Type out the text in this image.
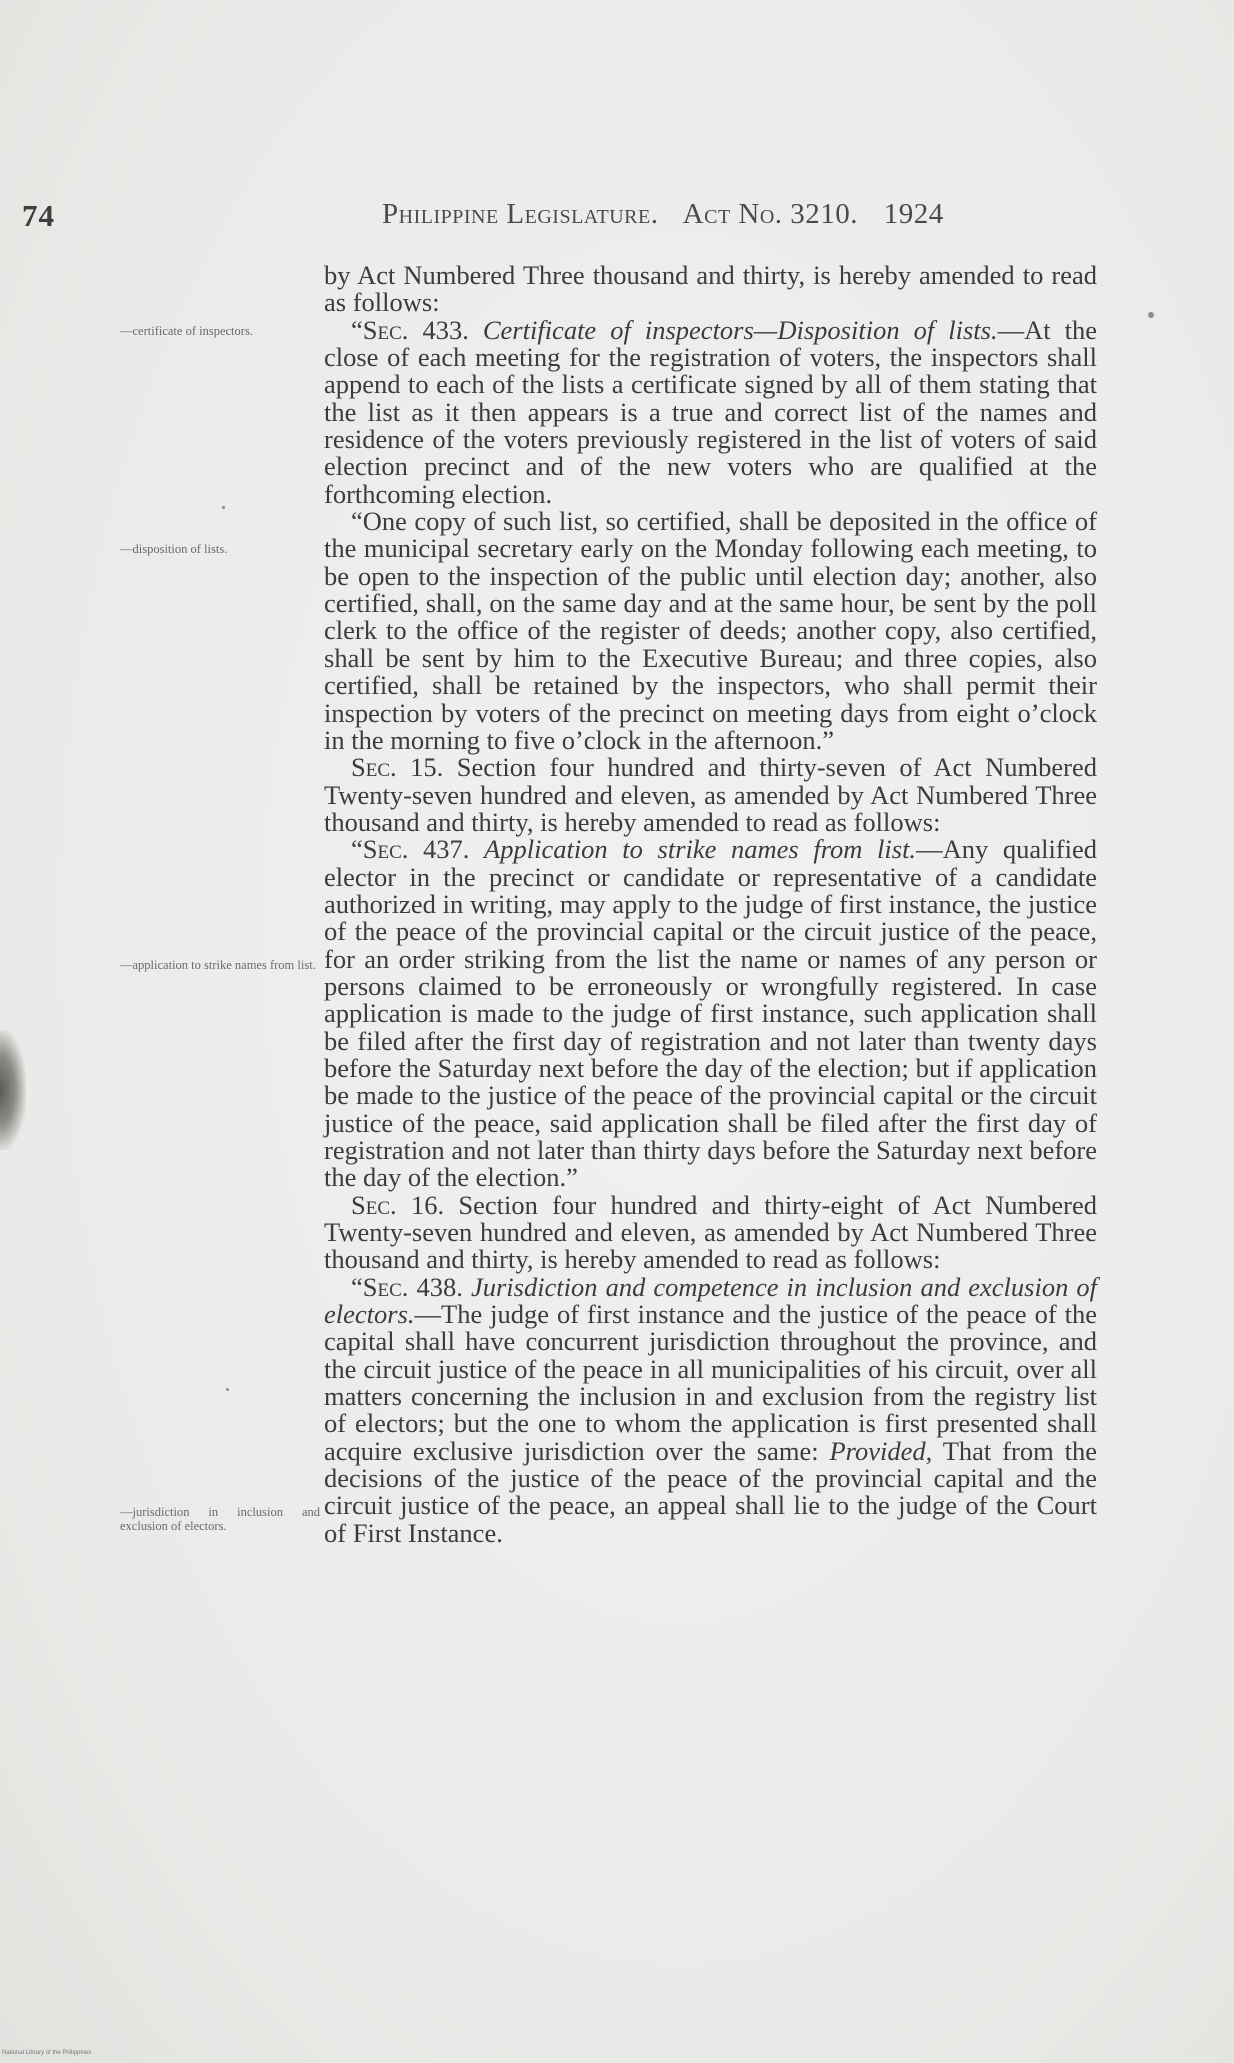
74	Philippine Legislature. Act No. 3210. 1924
—certificate of inspectors.
—disposition of lists.
—application to strike names from list.
—jurisdiction in inclusion and exclusion of electors.

by Act Numbered Three thousand and thirty, is hereby amended to read as follows:

“Sec. 433. Certificate of inspectors—Disposition of lists.—At the close of each meeting for the registration of voters, the inspectors shall append to each of the lists a certificate signed by all of them stating that the list as it then appears is a true and correct list of the names and residence of the voters previously registered in the list of voters of said election precinct and of the new voters who are qualified at the forthcoming election.

“One copy of such list, so certified, shall be deposited in the office of the municipal secretary early on the Monday following each meeting, to be open to the inspection of the public until election day; another, also certified, shall, on the same day and at the same hour, be sent by the poll clerk to the office of the register of deeds; another copy, also certified, shall be sent by him to the Executive Bureau; and three copies, also certified, shall be retained by the inspectors, who shall permit their inspection by voters of the precinct on meeting days from eight o’clock in the morning to five o’clock in the afternoon.”

Sec. 15. Section four hundred and thirty-seven of Act Numbered Twenty-seven hundred and eleven, as amended by Act Numbered Three thousand and thirty, is hereby amended to read as follows:

“Sec. 437. Application to strike names from list.—Any qualified elector in the precinct or candidate or representative of a candidate authorized in writing, may apply to the judge of first instance, the justice of the peace of the provincial capital or the circuit justice of the peace, for an order striking from the list the name or names of any person or persons claimed to be erroneously or wrongfully registered. In case application is made to the judge of first instance, such application shall be filed after the first day of registration and not later than twenty days before the Saturday next before the day of the election; but if application be made to the justice of the peace of the provincial capital or the circuit justice of the peace, said application shall be filed after the first day of registration and not later than thirty days before the Saturday next before the day of the election.”

Sec. 16. Section four hundred and thirty-eight of Act Numbered Twenty-seven hundred and eleven, as amended by Act Numbered Three thousand and thirty, is hereby amended to read as follows:

“Sec. 438. Jurisdiction and competence in inclusion and exclusion of electors.—The judge of first instance and the justice of the peace of the capital shall have concurrent jurisdiction throughout the province, and the circuit justice of the peace in all municipalities of his circuit, over all matters concerning the inclusion in and exclusion from the registry list of electors; but the one to whom the application is first presented shall acquire exclusive jurisdiction over the same: Provided, That from the decisions of the justice of the peace of the provincial capital and the circuit justice of the peace, an appeal shall lie to the judge of the Court of First Instance.

National Library of the Philippines
